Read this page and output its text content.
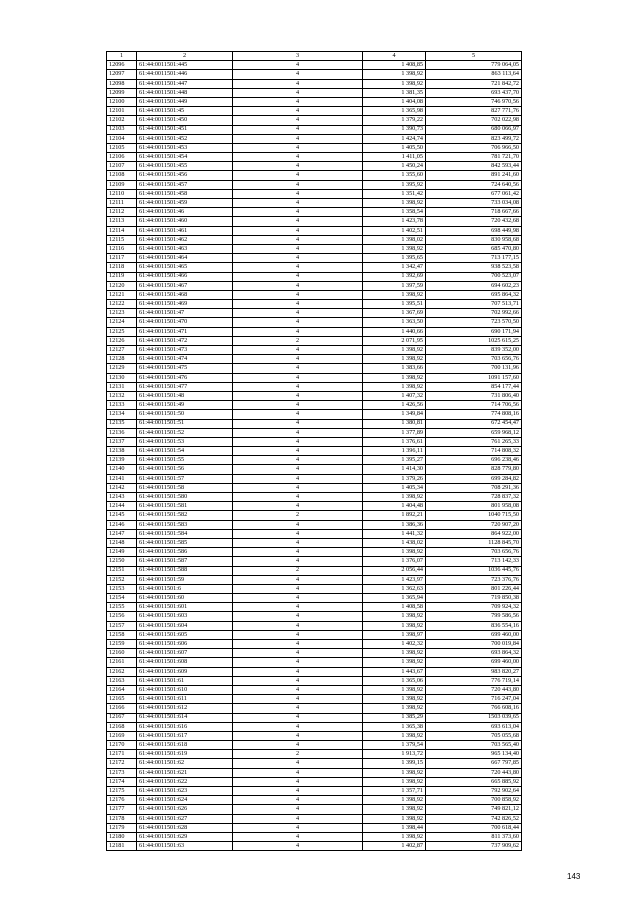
1	2	3	4	5
12096	61:44:0011501:445	4	1 408,85	779 064,05
12097	61:44:0011501:446	4	1 398,92	863 113,64
12098	61:44:0011501:447	4	1 398,92	721 842,72
12099	61:44:0011501:448	4	1 381,35	693 437,70
12100	61:44:0011501:449	4	1 404,08	746 970,56
12101	61:44:0011501:45	4	1 365,98	827 771,76
12102	61:44:0011501:450	4	1 379,22	702 022,98
12103	61:44:0011501:451	4	1 390,73	680 066,97
12104	61:44:0011501:452	4	1 424,74	823 499,72
12105	61:44:0011501:453	4	1 405,50	706 966,50
12106	61:44:0011501:454	4	1 411,05	781 721,70
12107	61:44:0011501:455	4	1 450,24	842 593,44
12108	61:44:0011501:456	4	1 355,60	891 241,60
12109	61:44:0011501:457	4	1 395,92	724 640,56
12110	61:44:0011501:458	4	1 351,42	677 061,42
12111	61:44:0011501:459	4	1 398,92	733 034,08
12112	61:44:0011501:46	4	1 358,54	718 667,66
12113	61:44:0011501:460	4	1 423,78	720 432,68
12114	61:44:0011501:461	4	1 402,51	698 449,98
12115	61:44:0011501:462	4	1 398,02	830 958,68
12116	61:44:0011501:463	4	1 398,92	685 470,80
12117	61:44:0011501:464	4	1 395,65	713 177,15
12118	61:44:0011501:465	4	1 342,47	938 523,58
12119	61:44:0011501:466	4	1 392,69	700 523,07
12120	61:44:0011501:467	4	1 397,59	694 602,23
12121	61:44:0011501:468	4	1 398,92	695 864,32
12122	61:44:0011501:469	4	1 395,51	707 513,71
12123	61:44:0011501:47	4	1 367,69	702 992,66
12124	61:44:0011501:470	4	1 363,50	723 570,50
12125	61:44:0011501:471	4	1 440,66	690 171,94
12126	61:44:0011501:472	2	2 071,95	1025 615,25
12127	61:44:0011501:473	4	1 398,92	839 352,00
12128	61:44:0011501:474	4	1 398,92	703 656,76
12129	61:44:0011501:475	4	1 383,66	700 131,96
12130	61:44:0011501:476	4	1 398,92	1091 157,60
12131	61:44:0011501:477	4	1 398,92	854 177,44
12132	61:44:0011501:48	4	1 407,32	731 806,40
12133	61:44:0011501:49	4	1 426,56	714 706,56
12134	61:44:0011501:50	4	1 349,84	774 808,16
12135	61:44:0011501:51	4	1 380,81	672 454,47
12136	61:44:0011501:52	4	1 377,89	659 968,12
12137	61:44:0011501:53	4	1 376,61	761 265,33
12138	61:44:0011501:54	4	1 396,11	714 808,32
12139	61:44:0011501:55	4	1 395,27	696 238,46
12140	61:44:0011501:56	4	1 414,30	828 779,80
12141	61:44:0011501:57	4	1 379,26	699 284,82
12142	61:44:0011501:58	4	1 405,34	708 291,36
12143	61:44:0011501:580	4	1 398,92	728 837,32
12144	61:44:0011501:581	4	1 404,48	801 958,08
12145	61:44:0011501:582	2	1 892,21	1040 715,50
12146	61:44:0011501:583	4	1 386,36	720 907,20
12147	61:44:0011501:584	4	1 441,32	864 922,00
12148	61:44:0011501:585	4	1 438,02	1128 845,70
12149	61:44:0011501:586	4	1 398,92	703 656,76
12150	61:44:0011501:587	4	1 376,07	713 142,33
12151	61:44:0011501:588	2	2 056,44	1036 445,76
12152	61:44:0011501:59	4	1 423,97	723 376,76
12153	61:44:0011501:6	4	1 362,63	801 226,44
12154	61:44:0011501:60	4	1 365,94	719 850,38
12155	61:44:0011501:601	4	1 408,58	709 924,32
12156	61:44:0011501:603	4	1 398,92	799 586,56
12157	61:44:0011501:604	4	1 398,92	836 554,16
12158	61:44:0011501:605	4	1 398,97	699 460,00
12159	61:44:0011501:606	4	1 402,32	700 019,84
12160	61:44:0011501:607	4	1 398,92	693 864,32
12161	61:44:0011501:608	4	1 398,92	699 460,00
12162	61:44:0011501:609	4	1 443,67	983 820,27
12163	61:44:0011501:61	4	1 365,06	776 719,14
12164	61:44:0011501:610	4	1 398,92	720 443,80
12165	61:44:0011501:611	4	1 398,92	716 247,04
12166	61:44:0011501:612	4	1 398,92	766 608,16
12167	61:44:0011501:614	4	1 385,29	1503 039,65
12168	61:44:0011501:616	4	1 365,38	693 613,04
12169	61:44:0011501:617	4	1 398,92	705 055,68
12170	61:44:0011501:618	4	1 379,54	703 565,40
12171	61:44:0011501:619	2	1 913,72	965 134,40
12172	61:44:0011501:62	4	1 399,15	667 797,85
12173	61:44:0011501:621	4	1 398,92	720 443,80
12174	61:44:0011501:622	4	1 398,92	665 885,92
12175	61:44:0011501:623	4	1 357,71	792 902,64
12176	61:44:0011501:624	4	1 398,92	700 858,92
12177	61:44:0011501:626	4	1 398,92	749 821,12
12178	61:44:0011501:627	4	1 398,92	742 826,52
12179	61:44:0011501:628	4	1 398,44	700 618,44
12180	61:44:0011501:629	4	1 398,92	811 373,60
12181	61:44:0011501:63	4	1 402,87	737 909,62
143
